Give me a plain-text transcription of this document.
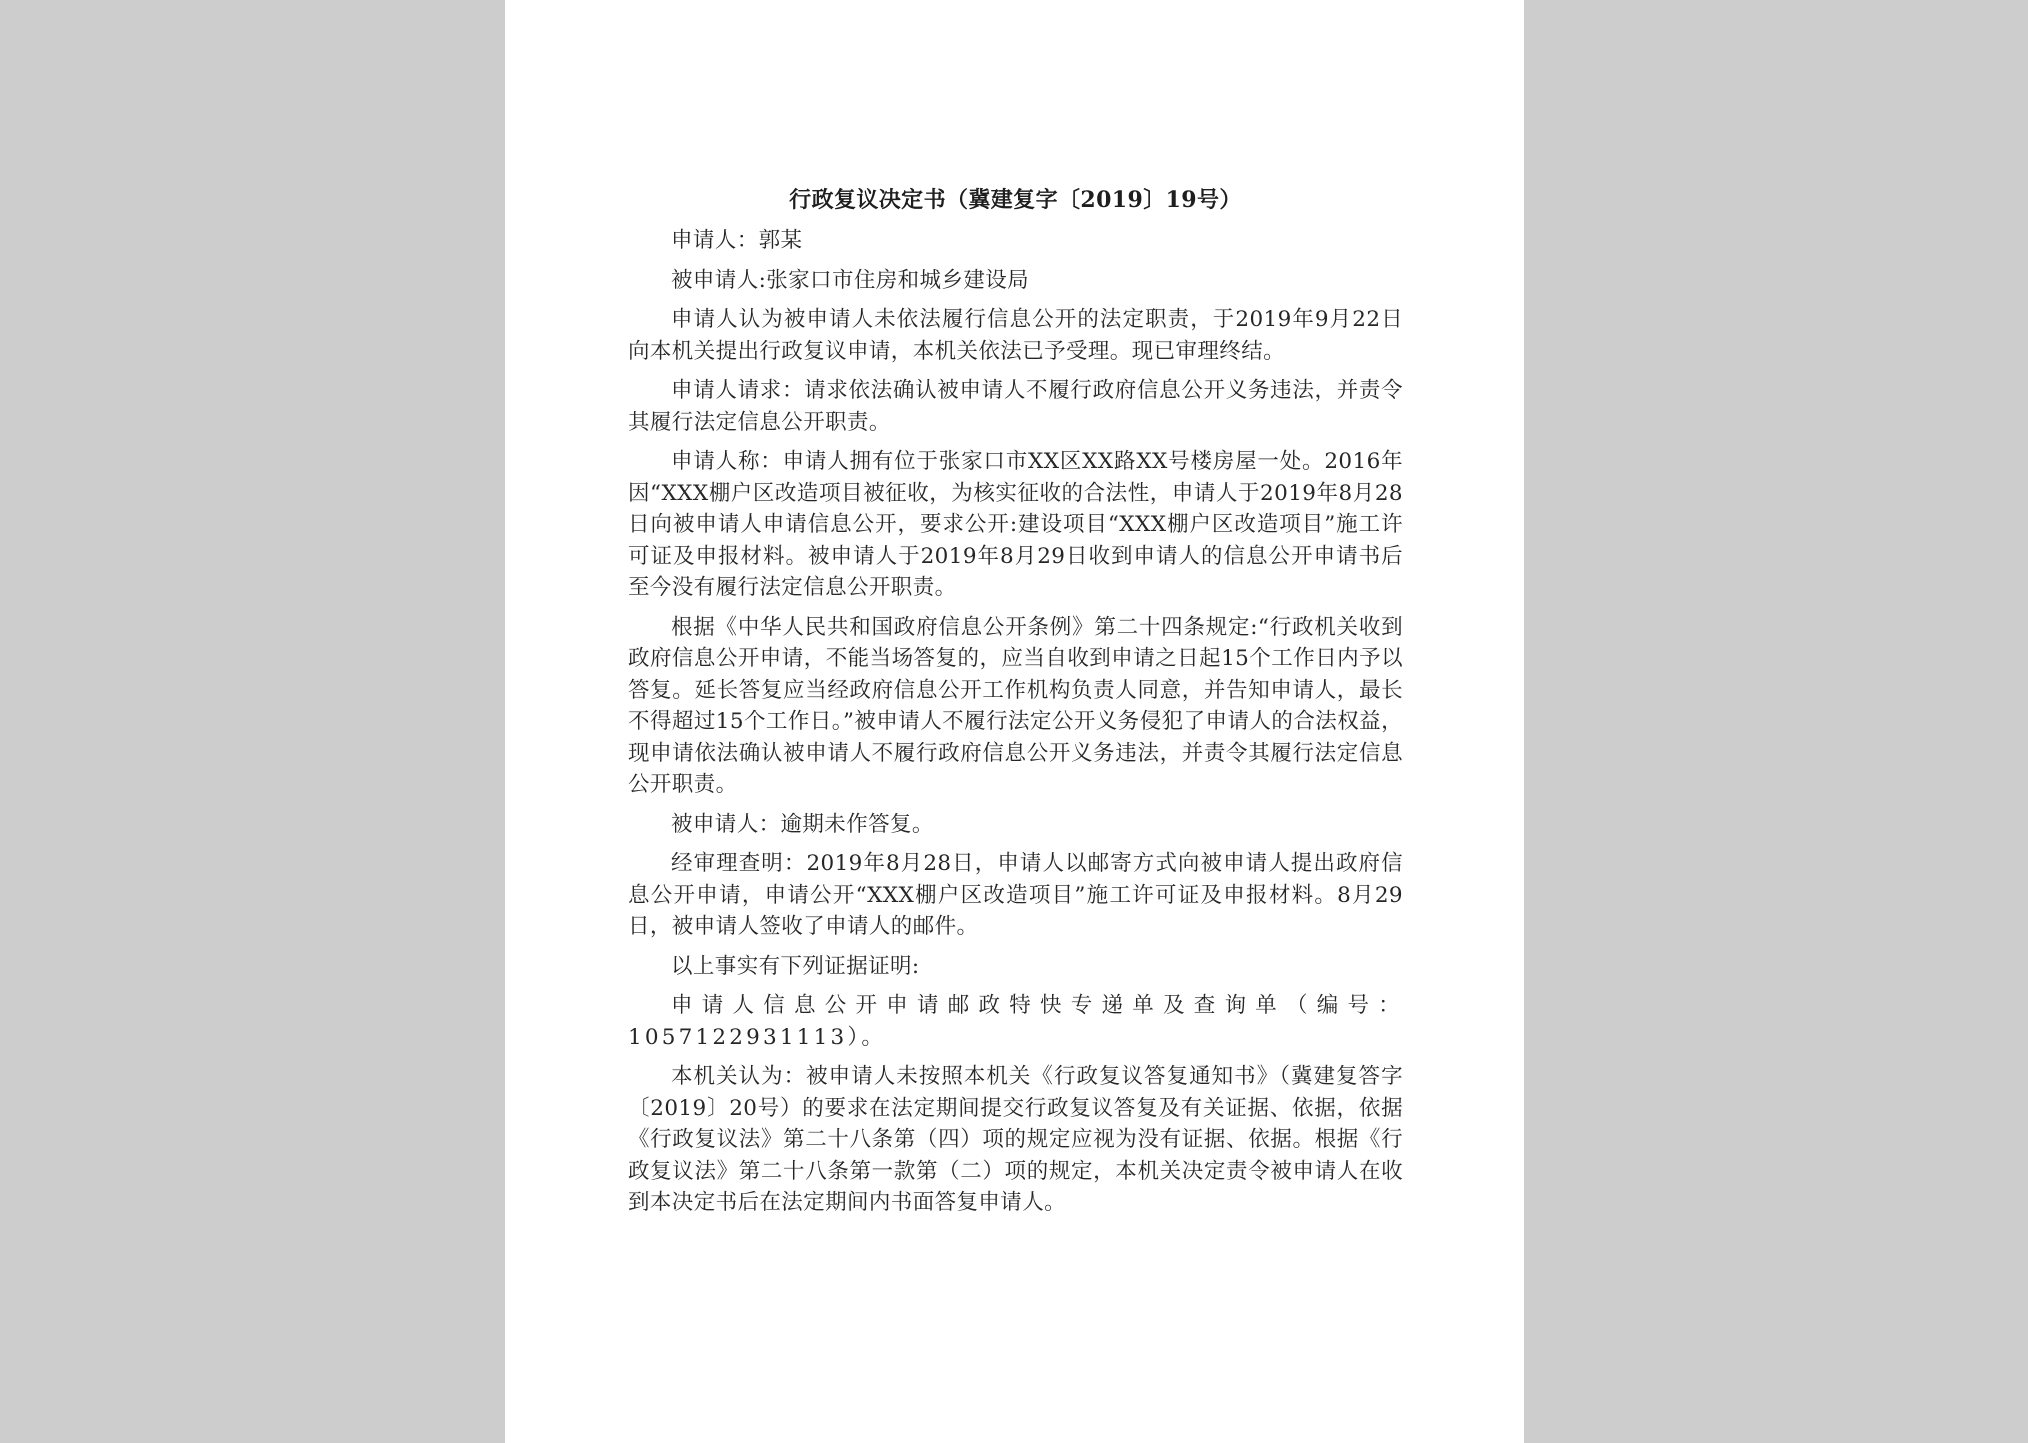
行政复议决定书（冀建复字〔2019〕19号）

申请人：郭某

被申请人:张家口市住房和城乡建设局

申请人认为被申请人未依法履行信息公开的法定职责，于2019年9月22日向本机关提出行政复议申请，本机关依法已予受理。现已审理终结。

申请人请求：请求依法确认被申请人不履行政府信息公开义务违法，并责令其履行法定信息公开职责。

申请人称：申请人拥有位于张家口市XX区XX路XX号楼房屋一处。2016年因“XXX棚户区改造项目被征收，为核实征收的合法性，申请人于2019年8月28日向被申请人申请信息公开，要求公开:建设项目“XXX棚户区改造项目”施工许可证及申报材料。被申请人于2019年8月29日收到申请人的信息公开申请书后至今没有履行法定信息公开职责。

根据《中华人民共和国政府信息公开条例》第二十四条规定:“行政机关收到政府信息公开申请，不能当场答复的，应当自收到申请之日起15个工作日内予以答复。延长答复应当经政府信息公开工作机构负责人同意，并告知申请人，最长不得超过15个工作日。”被申请人不履行法定公开义务侵犯了申请人的合法权益，现申请依法确认被申请人不履行政府信息公开义务违法，并责令其履行法定信息公开职责。

被申请人：逾期未作答复。

经审理查明：2019年8月28日，申请人以邮寄方式向被申请人提出政府信息公开申请，申请公开“XXX棚户区改造项目”施工许可证及申报材料。8月29日，被申请人签收了申请人的邮件。

以上事实有下列证据证明:

申请人信息公开申请邮政特快专递单及查询单（编号：1057122931113）。

本机关认为：被申请人未按照本机关《行政复议答复通知书》（冀建复答字〔2019〕20号）的要求在法定期间提交行政复议答复及有关证据、依据，依据《行政复议法》第二十八条第（四）项的规定应视为没有证据、依据。根据《行政复议法》第二十八条第一款第（二）项的规定，本机关决定责令被申请人在收到本决定书后在法定期间内书面答复申请人。
